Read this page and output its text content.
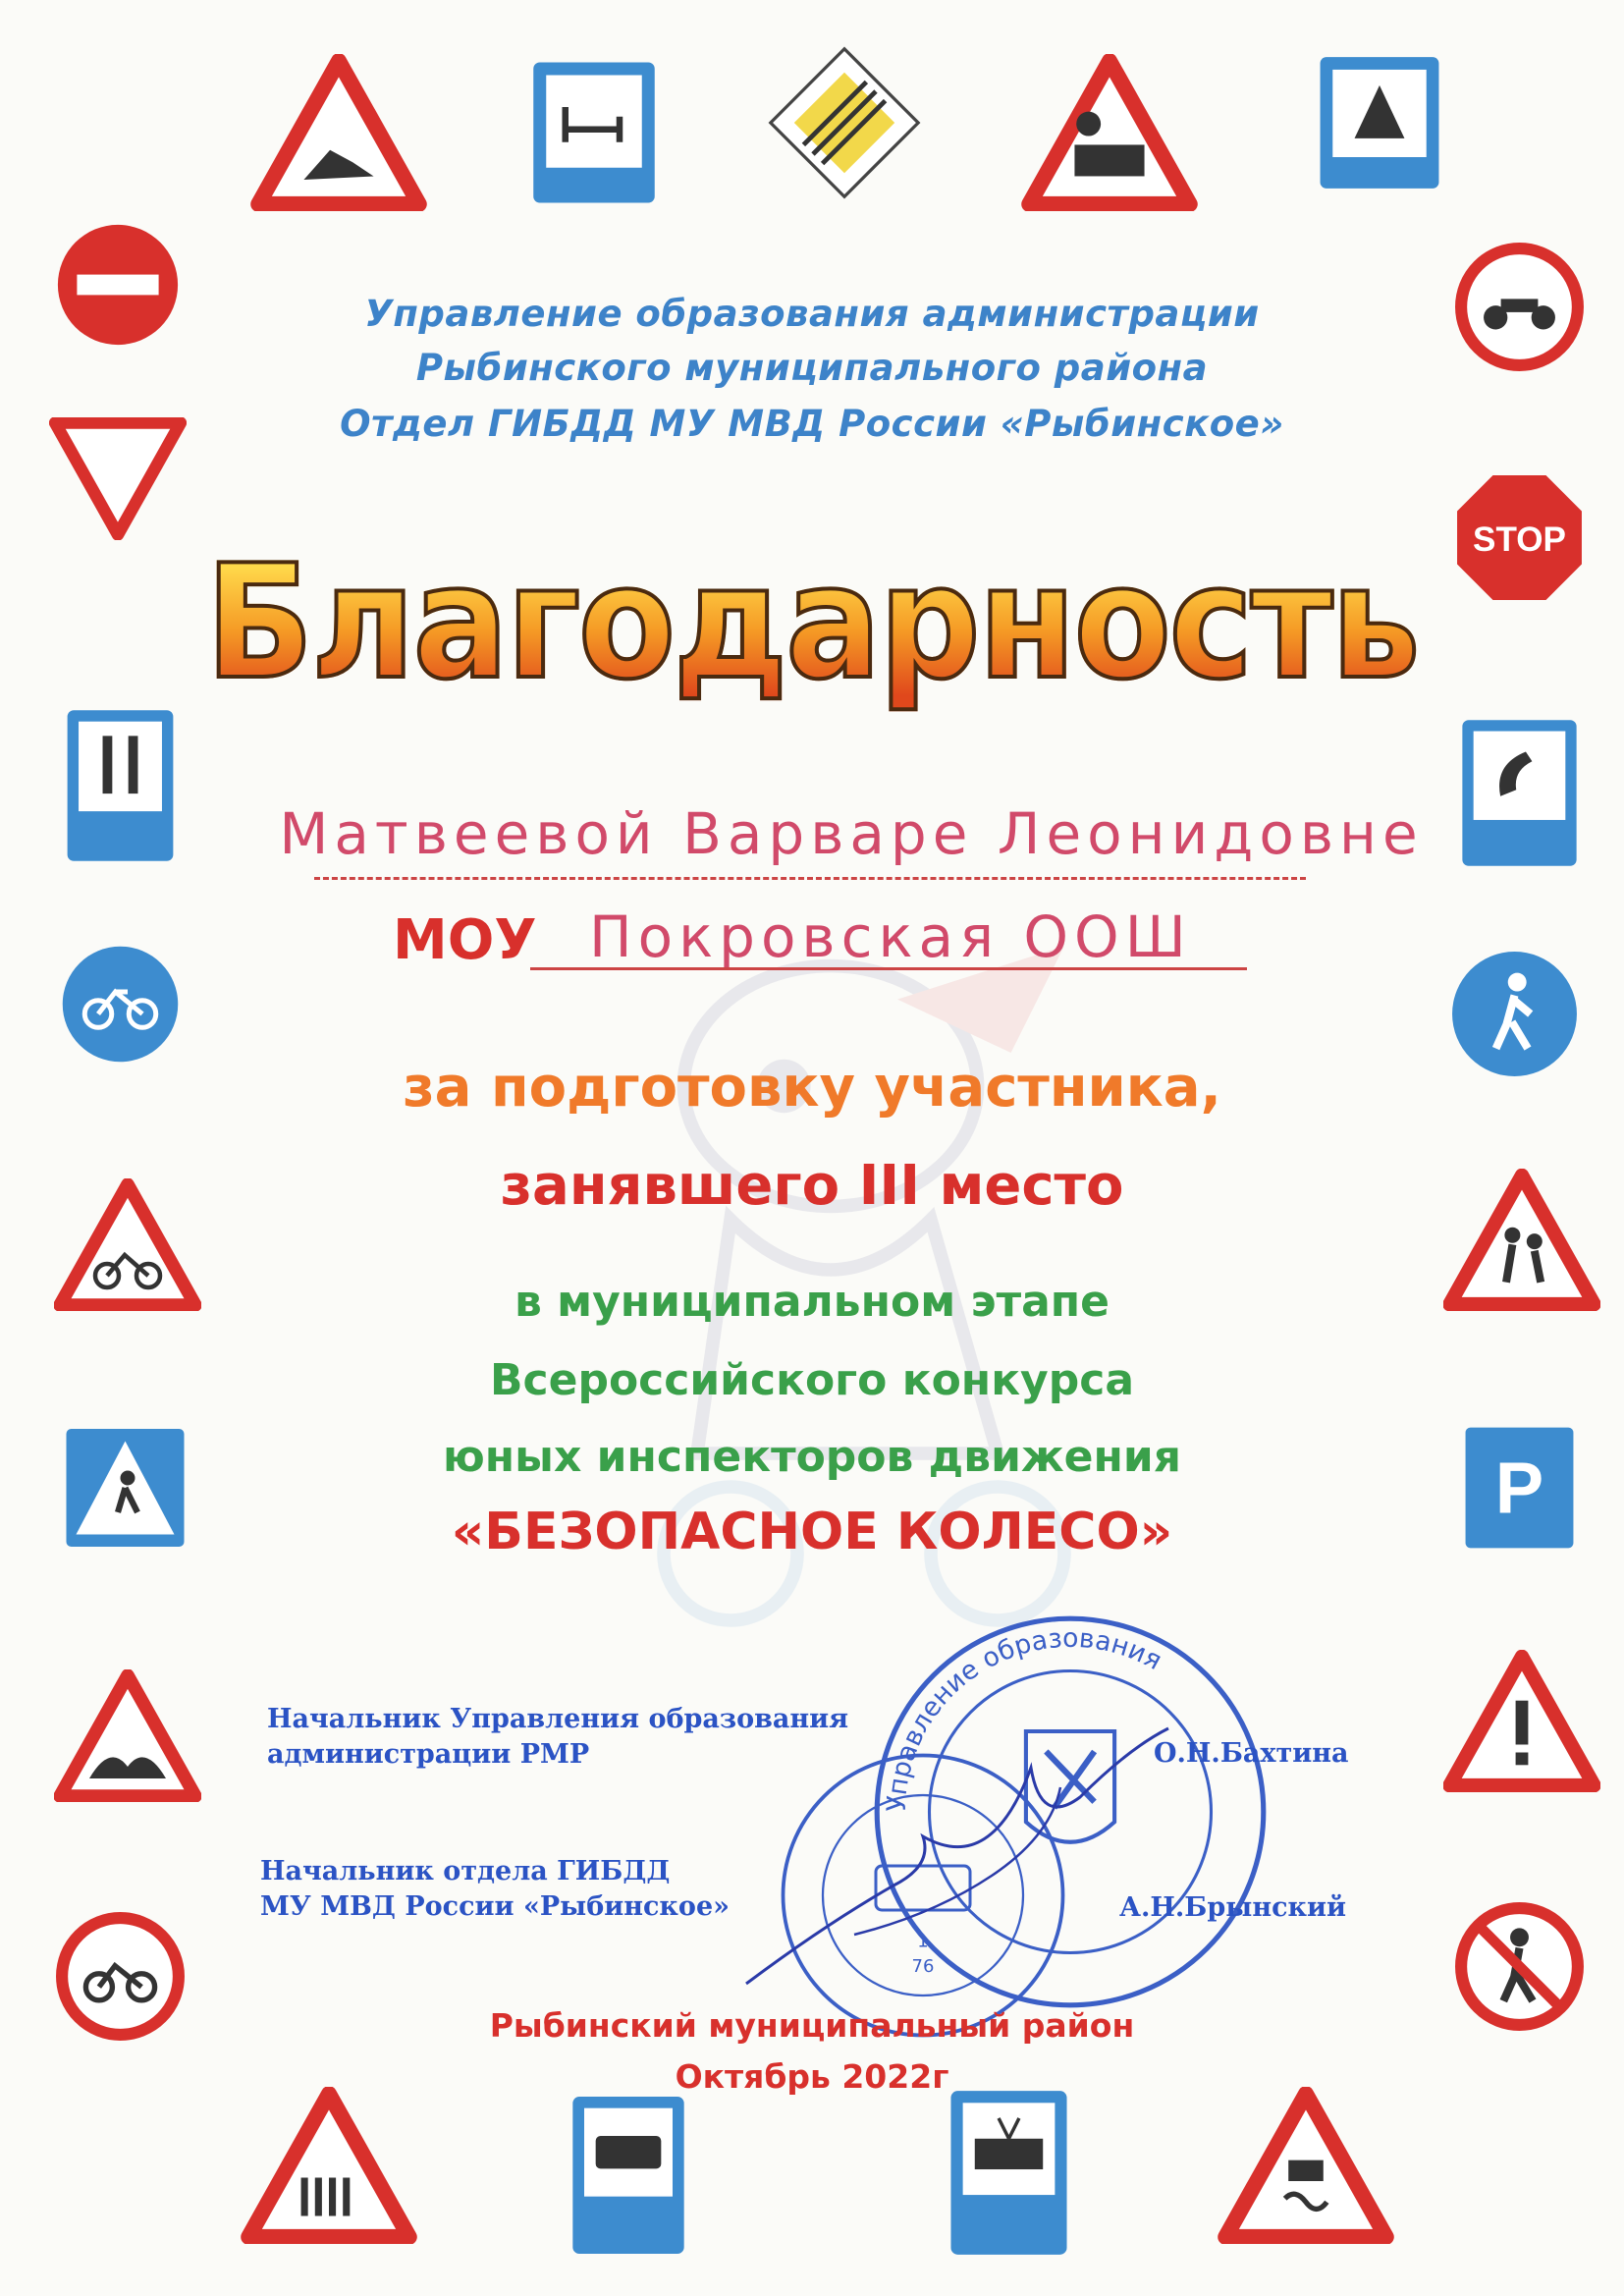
P
Управление образования администрации
Рыбинского муниципального района
Отдел ГИБДД МУ МВД России «Рыбинское»
Благодарность
Матвеевой Варваре Леонидовне
МОУ Покровская ООШ
за подготовку участника,
занявшего III место
в муниципальном этапе
Всероссийского конкурса
юных инспекторов движения
«БЕЗОПАСНОЕ КОЛЕСО»
Управление образования
1
76
Начальник Управления образования
администрации РМР	О.Н.Бахтина
Начальник отдела ГИБДД
МУ МВД России «Рыбинское»	А.Н.Брынский
Рыбинский муниципальный район
Октябрь 2022г
